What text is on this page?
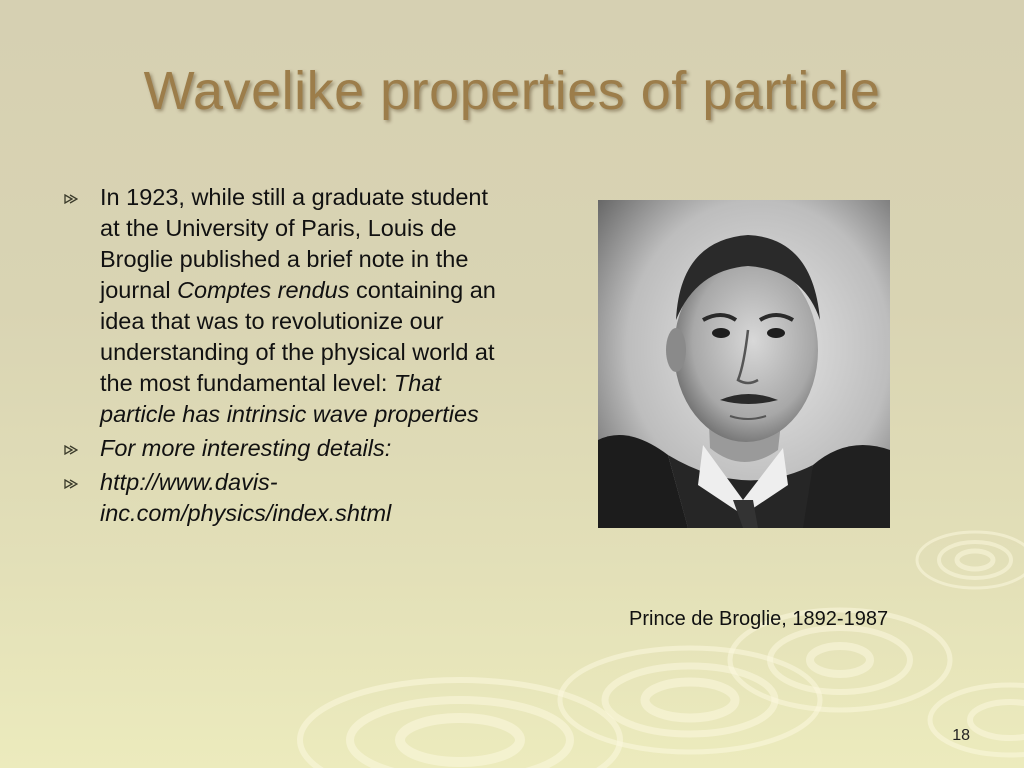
Wavelike properties of particle
In 1923, while still a graduate student at the University of Paris, Louis de Broglie published a brief note in the journal Comptes rendus containing an idea that was to revolutionize our understanding of the physical world at the most fundamental level: That particle has intrinsic wave properties
For more interesting details:
http://www.davis-inc.com/physics/index.shtml
Prince de Broglie, 1892-1987
18
